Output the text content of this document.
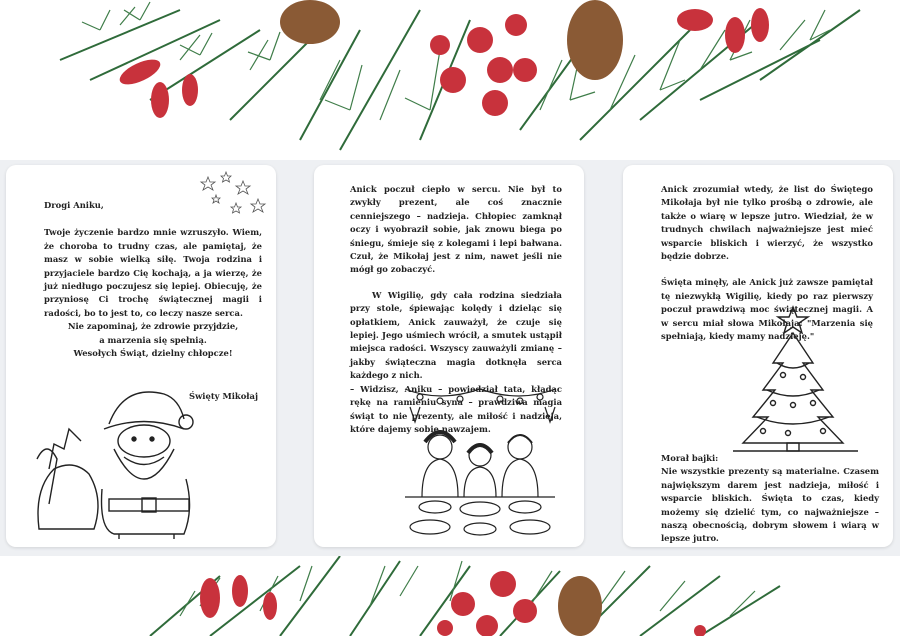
Drogi Aniku,

Twoje życzenie bardzo mnie wzruszyło. Wiem, że choroba to trudny czas, ale pamiętaj, że masz w sobie wielką siłę. Twoja rodzina i przyjaciele bardzo Cię kochają, a ja wierzę, że już niedługo poczujesz się lepiej. Obiecuję, że przyniosę Ci trochę świątecznej magii i radości, bo to jest to, co leczy nasze serca.

Nie zapominaj, że zdrowie przyjdzie,

a marzenia się spełnią.

Wesołych Świąt, dzielny chłopcze!

Święty Mikołaj

Anick poczuł ciepło w sercu. Nie był to zwykły prezent, ale coś znacznie cenniejszego – nadzieja. Chłopiec zamknął oczy i wyobraził sobie, jak znowu biega po śniegu, śmieje się z kolegami i lepi bałwana. Czuł, że Mikołaj jest z nim, nawet jeśli nie mógł go zobaczyć.

W Wigilię, gdy cała rodzina siedziała przy stole, śpiewając kolędy i dzieląc się opłatkiem, Anick zauważył, że czuje się lepiej. Jego uśmiech wrócił, a smutek ustąpił miejsca radości. Wszyscy zauważyli zmianę – jakby świąteczna magia dotknęła serca każdego z nich.

– Widzisz, Aniku – powiedział tata, kładąc rękę na ramieniu syna – prawdziwa magia świąt to nie prezenty, ale miłość i nadzieja, które dajemy sobie nawzajem.

Anick zrozumiał wtedy, że list do Świętego Mikołaja był nie tylko prośbą o zdrowie, ale także o wiarę w lepsze jutro. Wiedział, że w trudnych chwilach najważniejsze jest mieć wsparcie bliskich i wierzyć, że wszystko będzie dobrze.

Święta minęły, ale Anick już zawsze pamiętał tę niezwykłą Wigilię, kiedy po raz pierwszy poczuł prawdziwą moc świątecznej magii. A w sercu miał słowa Mikołaja: "Marzenia się spełniają, kiedy mamy nadzieję."

Morał bajki:

Nie wszystkie prezenty są materialne. Czasem największym darem jest nadzieja, miłość i wsparcie bliskich. Święta to czas, kiedy możemy się dzielić tym, co najważniejsze – naszą obecnością, dobrym słowem i wiarą w lepsze jutro.
